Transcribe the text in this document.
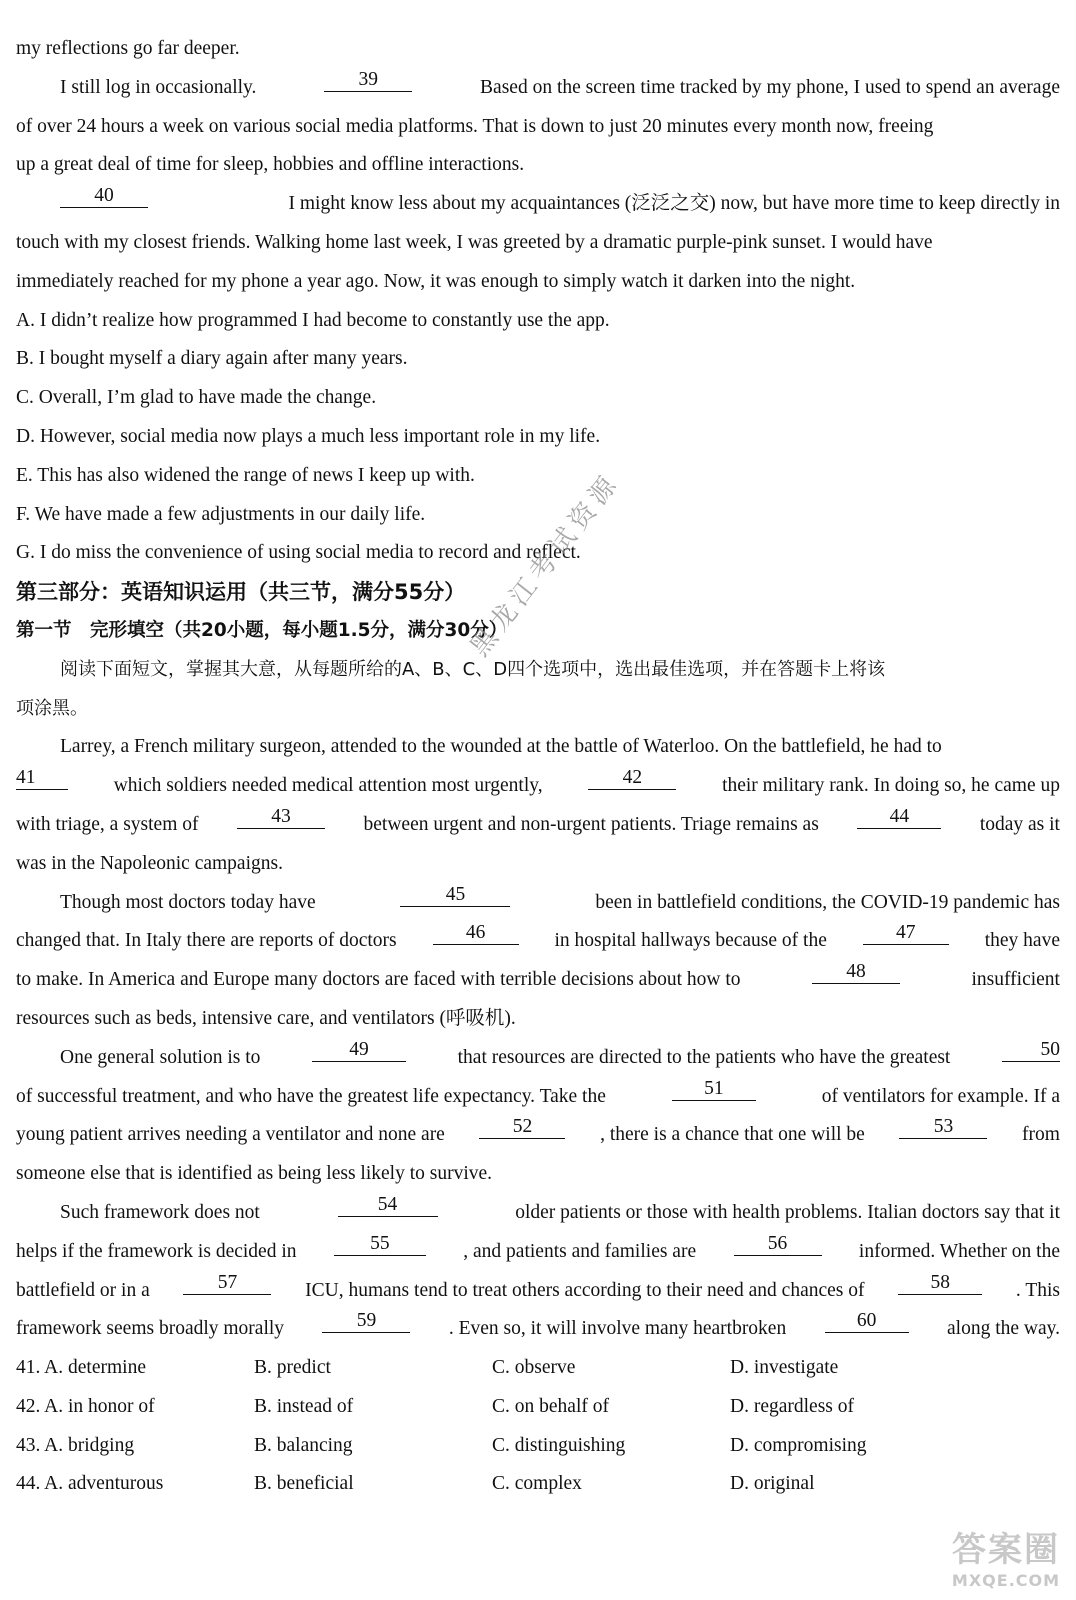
my reflections go far deeper.
I still log in occasionally.	39	Based on the screen time tracked by my phone, I used to spend an average
of over 24 hours a week on various social media platforms. That is down to just 20 minutes every month now, freeing
up a great deal of time for sleep, hobbies and offline interactions.
40	I might know less about my acquaintances (泛泛之交) now, but have more time to keep directly in
touch with my closest friends. Walking home last week, I was greeted by a dramatic purple-pink sunset. I would have
immediately reached for my phone a year ago. Now, it was enough to simply watch it darken into the night.
A. I didn’t realize how programmed I had become to constantly use the app.
B. I bought myself a diary again after many years.
C. Overall, I’m glad to have made the change.
D. However, social media now plays a much less important role in my life.
E. This has also widened the range of news I keep up with.
F. We have made a few adjustments in our daily life.
G. I do miss the convenience of using social media to record and reflect.
第三部分：英语知识运用（共三节，满分55分）
第一节　完形填空（共20小题，每小题1.5分，满分30分）
阅读下面短文，掌握其大意，从每题所给的A、B、C、D四个选项中，选出最佳选项，并在答题卡上将该
项涂黑。
Larrey, a French military surgeon, attended to the wounded at the battle of Waterloo. On the battlefield, he had to
41	which soldiers needed medical attention most urgently,	42	their military rank. In doing so, he came up
with triage, a system of	43	between urgent and non-urgent patients. Triage remains as	44	today as it
was in the Napoleonic campaigns.
Though most doctors today have	45	been in battlefield conditions, the COVID-19 pandemic has
changed that. In Italy there are reports of doctors	46	in hospital hallways because of the	47	they have
to make. In America and Europe many doctors are faced with terrible decisions about how to	48	insufficient
resources such as beds, intensive care, and ventilators (呼吸机).
One general solution is to	49	that resources are directed to the patients who have the greatest	50
of successful treatment, and who have the greatest life expectancy. Take the	51	of ventilators for example. If a
young patient arrives needing a ventilator and none are	52	, there is a chance that one will be	53	from
someone else that is identified as being less likely to survive.
Such framework does not	54	older patients or those with health problems. Italian doctors say that it
helps if the framework is decided in	55	, and patients and families are	56	informed. Whether on the
battlefield or in a	57	ICU, humans tend to treat others according to their need and chances of	58	. This
framework seems broadly morally	59	. Even so, it will involve many heartbroken	60	along the way.
41. A. determine	B. predict	C. observe	D. investigate
42. A. in honor of	B. instead of	C. on behalf of	D. regardless of
43. A. bridging	B. balancing	C. distinguishing	D. compromising
44. A. adventurous	B. beneficial	C. complex	D. original
黑龙江考试资源
答案圈
MXQE.COM
